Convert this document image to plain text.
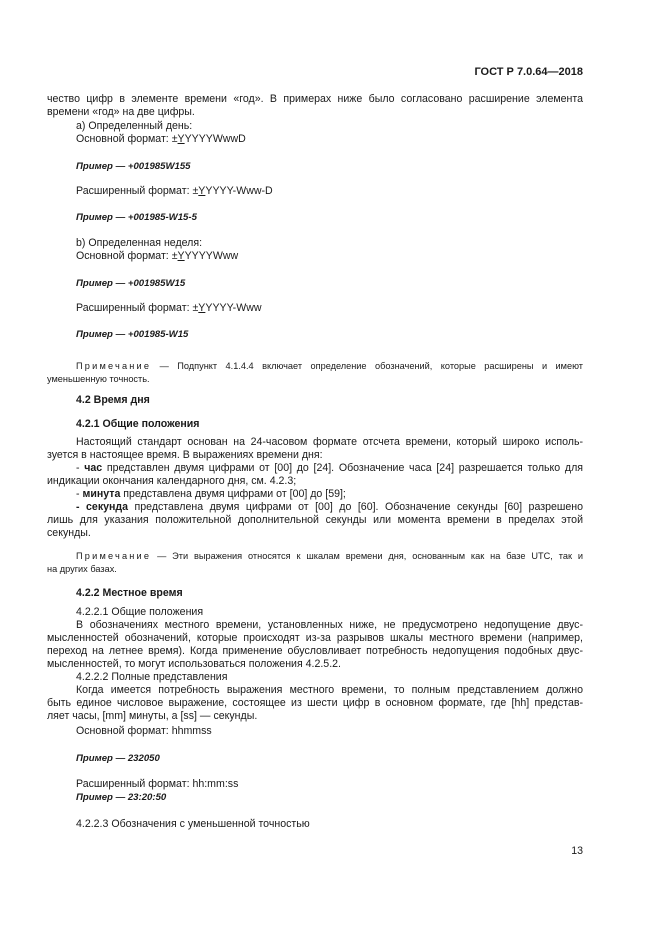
ГОСТ Р 7.0.64—2018
чество цифр в элементе времени «год». В примерах ниже было согласовано расширение элемента
времени «год» на две цифры.
а) Определенный день:
Основной формат: ±YYYYYWwwD
Пример — +001985W155
Расширенный формат: ±YYYYY-Www-D
Пример — +001985-W15-5
b) Определенная неделя:
Основной формат: ±YYYYYWww
Пример — +001985W15
Расширенный формат: ±YYYYY-Www
Пример — +001985-W15
Примечание — Подпункт 4.1.4.4 включает определение обозначений, которые расширены и имеют
уменьшенную точность.
4.2 Время дня
4.2.1 Общие положения
Настоящий стандарт основан на 24-часовом формате отсчета времени, который широко исполь-
зуется в настоящее время. В выражениях времени дня:
- час представлен двумя цифрами от [00] до [24]. Обозначение часа [24] разрешается только для
индикации окончания календарного дня, см. 4.2.3;
- минута представлена двумя цифрами от [00] до [59];
- секунда представлена двумя цифрами от [00] до [60]. Обозначение секунды [60] разрешено
лишь для указания положительной дополнительной секунды или момента времени в пределах этой
секунды.
Примечание — Эти выражения относятся к шкалам времени дня, основанным как на базе UTC, так и
на других базах.
4.2.2 Местное время
4.2.2.1 Общие положения
В обозначениях местного времени, установленных ниже, не предусмотрено недопущение двус-
мысленностей обозначений, которые происходят из-за разрывов шкалы местного времени (например,
переход на летнее время). Когда применение обусловливает потребность недопущения подобных двус-
мысленностей, то могут использоваться положения 4.2.5.2.
4.2.2.2 Полные представления
Когда имеется потребность выражения местного времени, то полным представлением должно
быть единое числовое выражение, состоящее из шести цифр в основном формате, где [hh] представ-
ляет часы, [mm] минуты, а [ss] — секунды.
Основной формат: hhmmss
Пример — 232050
Расширенный формат: hh:mm:ss
Пример — 23:20:50
4.2.2.3 Обозначения с уменьшенной точностью
13
